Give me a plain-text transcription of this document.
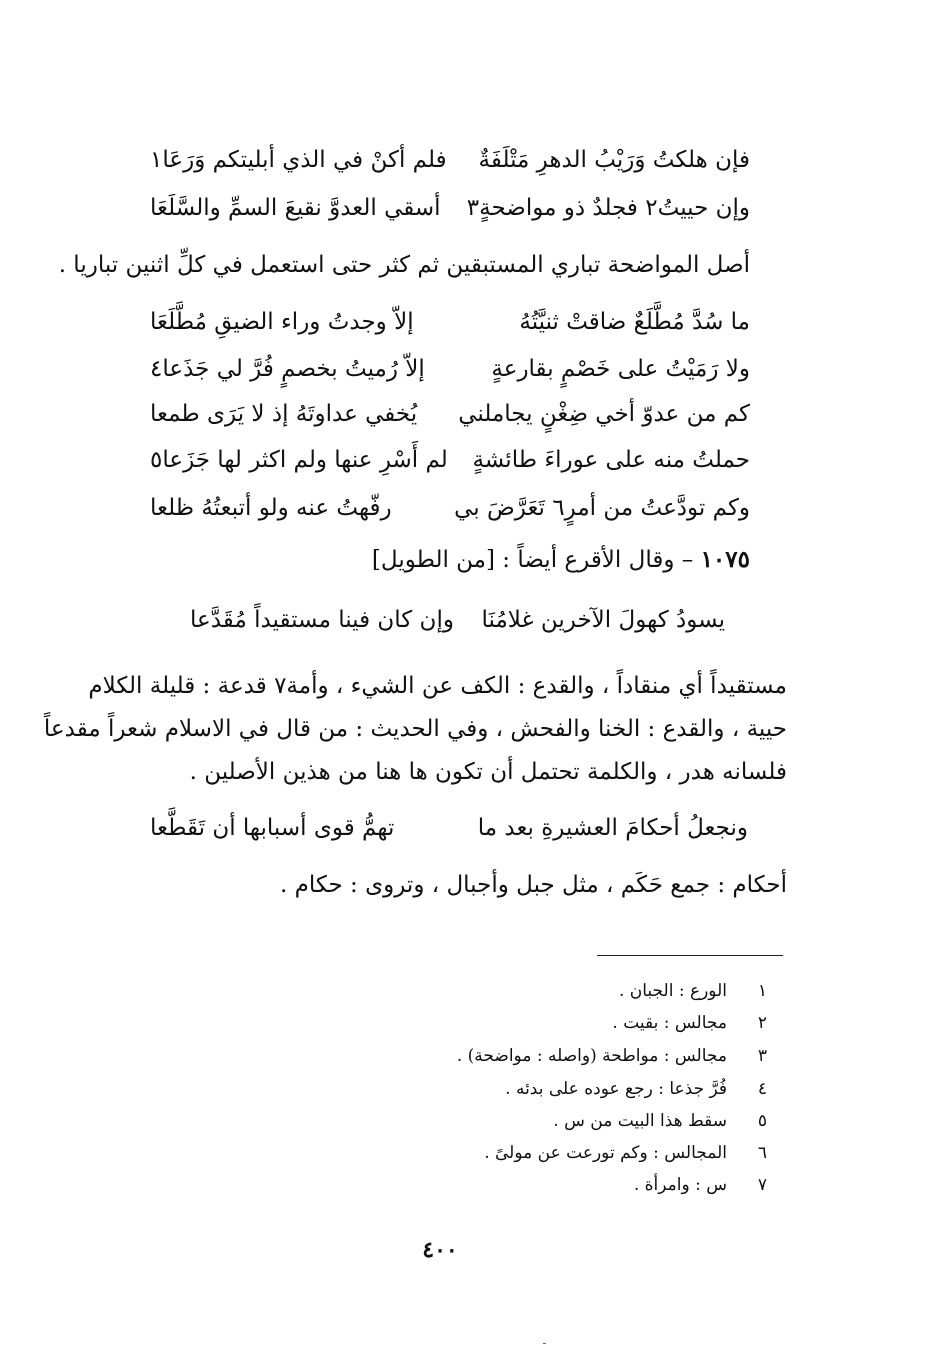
فإن هلكتُ وَرَيْبُ الدهرِ مَتْلَفَةٌ
فلم أكنْ في الذي أبليتكم وَرَعَا١
وإن حييتُ٢ فجلدٌ ذو مواضحةٍ٣
أسقي العدوَّ نقيعَ السمِّ والسَّلَعَا
أصل المواضحة تباري المستبقين ثم كثر حتى استعمل في كلِّ اثنين تباريا .
ما سُدَّ مُطَّلَعٌ ضاقتْ ثنيَّتُهُ
إلاّ وجدتُ وراء الضيقِ مُطَّلَعَا
ولا رَمَيْتُ على خَصْمٍ بقارعةٍ
إلاّ رُميتُ بخصمٍ فُرَّ لي جَذَعا٤
كم من عدوّ أخي ضِغْنٍ يجاملني
يُخفي عداوتَهُ إذ لا يَرَى طمعا
حملتُ منه على عوراءَ طائشةٍ
لم أَسْرِ عنها ولم اكثر لها جَزَعا٥
وكم تودَّعتُ من أمرٍ٦ تَعَرَّضَ بي
رفّهتُ عنه ولو أتبعتُهُ ظلعا
١٠٧٥ – وقال الأقرع أيضاً : [من الطويل]
يسودُ كهولَ الآخرين غلامُنَا
وإن كان فينا مستقيداً مُقَدَّعا
مستقيداً أي منقاداً ، والقدع : الكف عن الشيء ، وأمة٧ قدعة : قليلة الكلام
حيية ، والقدع : الخنا والفحش ، وفي الحديث : من قال في الاسلام شعراً مقدعاً
فلسانه هدر ، والكلمة تحتمل أن تكون ها هنا من هذين الأصلين .
ونجعلُ أحكامَ العشيرةِ بعد ما
تهمُّ قوى أسبابها أن تَقَطَّعا
أحكام : جمع حَكَم ، مثل جبل وأجبال ، وتروى : حكام .
١الورع : الجبان .
٢مجالس : بقيت .
٣مجالس : مواطحة (واصله : مواضحة) .
٤فُرَّ جذعا : رجع عوده على بدئه .
٥سقط هذا البيت من س .
٦المجالس : وكم تورعت عن مولىً .
٧س : وامرأة .
٤٠٠
